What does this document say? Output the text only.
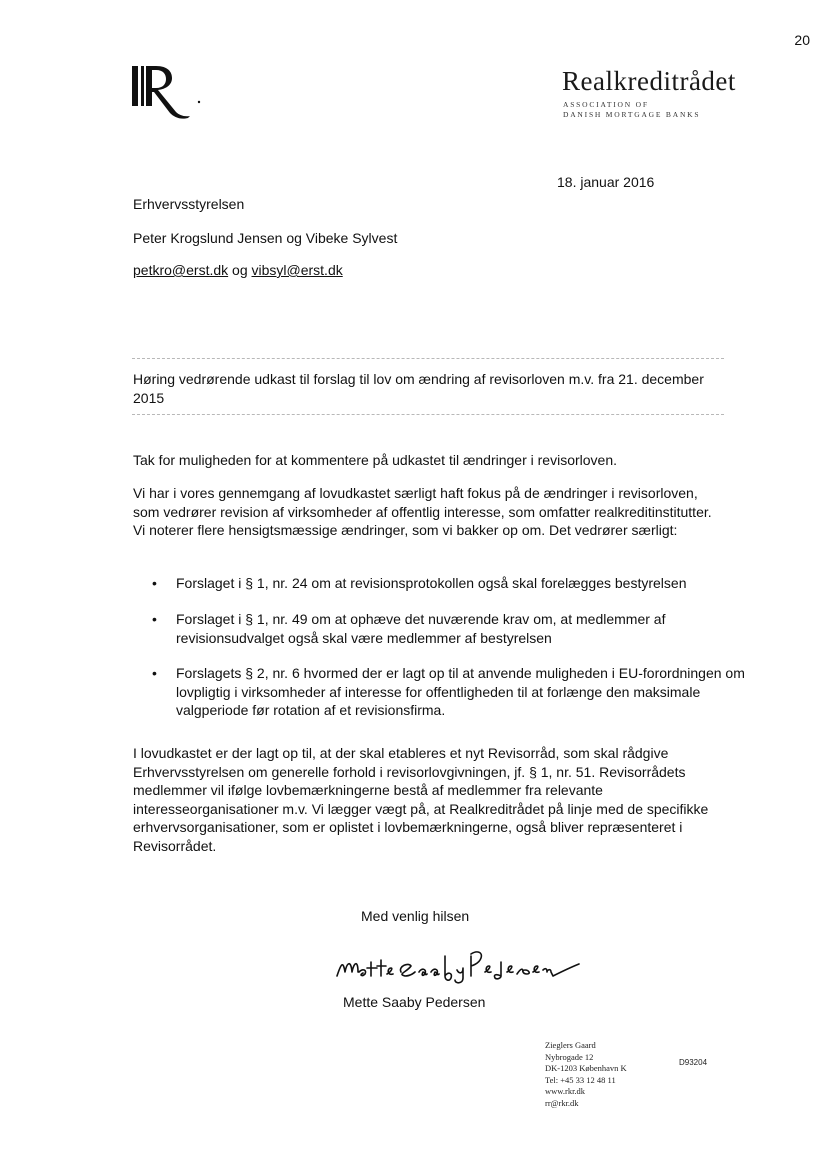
20
Realkreditrådet
ASSOCIATION OF
DANISH MORTGAGE BANKS
18. januar 2016
Erhvervsstyrelsen
Peter Krogslund Jensen og Vibeke Sylvest
petkro@erst.dk og vibsyl@erst.dk
Høring vedrørende udkast til forslag til lov om ændring af revisorloven m.v. fra 21. december 2015
Tak for muligheden for at kommentere på udkastet til ændringer i revisorloven.
Vi har i vores gennemgang af lovudkastet særligt haft fokus på de ændringer i revisorloven, som vedrører revision af virksomheder af offentlig interesse, som omfatter realkreditinstitutter. Vi noterer flere hensigtsmæssige ændringer, som vi bakker op om. Det vedrører særligt:
• Forslaget i § 1, nr. 24 om at revisionsprotokollen også skal forelægges bestyrelsen
• Forslaget i § 1, nr. 49 om at ophæve det nuværende krav om, at medlemmer af revisionsudvalget også skal være medlemmer af bestyrelsen
• Forslagets § 2, nr. 6 hvormed der er lagt op til at anvende muligheden i EU-forordningen om lovpligtig i virksomheder af interesse for offentligheden til at forlænge den maksimale valgperiode før rotation af et revisionsfirma.
I lovudkastet er der lagt op til, at der skal etableres et nyt Revisorråd, som skal rådgive Erhvervsstyrelsen om generelle forhold i revisorlovgivningen, jf. § 1, nr. 51. Revisorrådets medlemmer vil ifølge lovbemærkningerne bestå af medlemmer fra relevante interesseorganisationer m.v. Vi lægger vægt på, at Realkreditrådet på linje med de specifikke erhvervsorganisationer, som er oplistet i lovbemærkningerne, også bliver repræsenteret i Revisorrådet.
Med venlig hilsen
Mette Saaby Pedersen
Zieglers Gaard
Nybrogade 12
DK-1203 København K
Tel: +45 33 12 48 11
www.rkr.dk
rr@rkr.dk
D93204
